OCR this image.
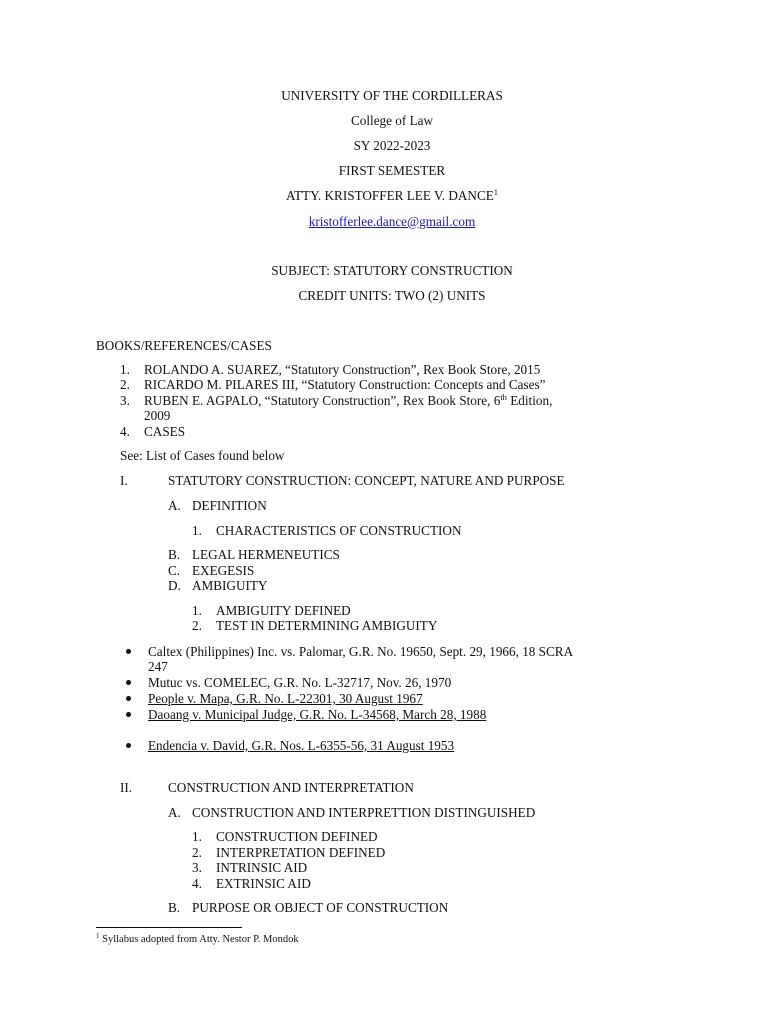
UNIVERSITY OF THE CORDILLERAS
College of Law
SY 2022-2023
FIRST SEMESTER
ATTY. KRISTOFFER LEE V. DANCE$^1$
kristofferlee.dance@gmail.com
SUBJECT: STATUTORY CONSTRUCTION
CREDIT UNITS: TWO (2) UNITS
BOOKS/REFERENCES/CASES
1. ROLANDO A. SUAREZ, “Statutory Construction”, Rex Book Store, 2015
2. RICARDO M. PILARES III, “Statutory Construction: Concepts and Cases”
3. RUBEN E. AGPALO, “Statutory Construction”, Rex Book Store, 6th Edition,
2009
4. CASES
See: List of Cases found below
I.	STATUTORY CONSTRUCTION: CONCEPT, NATURE AND PURPOSE
A. DEFINITION
1. CHARACTERISTICS OF CONSTRUCTION
B. LEGAL HERMENEUTICS
C. EXEGESIS
D. AMBIGUITY
1. AMBIGUITY DEFINED
2. TEST IN DETERMINING AMBIGUITY
Caltex (Philippines) Inc. vs. Palomar, G.R. No. 19650, Sept. 29, 1966, 18 SCRA
247
Mutuc vs. COMELEC, G.R. No. L-32717, Nov. 26, 1970
People v. Mapa, G.R. No. L-22301, 30 August 1967
Daoang v. Municipal Judge, G.R. No. L-34568, March 28, 1988
Endencia v. David, G.R. Nos. L-6355-56, 31 August 1953
II.	CONSTRUCTION AND INTERPRETATION
A. CONSTRUCTION AND INTERPRETTION DISTINGUISHED
1. CONSTRUCTION DEFINED
2. INTERPRETATION DEFINED
3. INTRINSIC AID
4. EXTRINSIC AID
B. PURPOSE OR OBJECT OF CONSTRUCTION
$^1$ Syllabus adopted from Atty. Nestor P. Mondok
